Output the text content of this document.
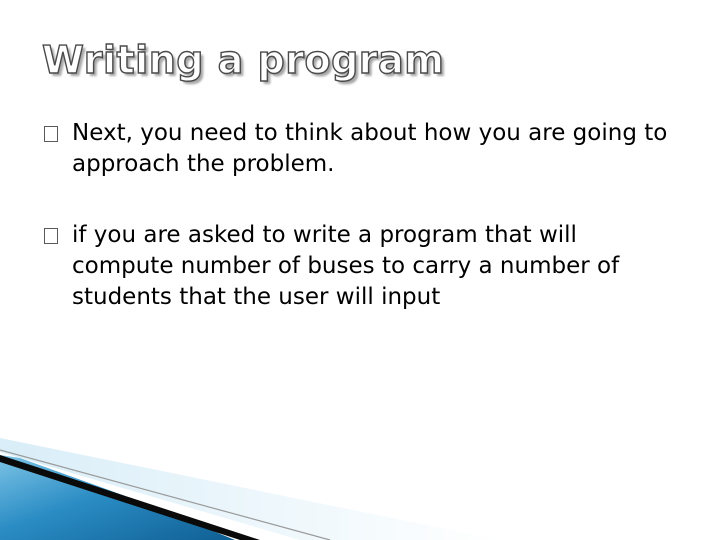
Writing a program
Next, you need to think about how you are going to approach the problem.
if you are asked to write a program that will compute number of buses to carry a number of students that the user will input
